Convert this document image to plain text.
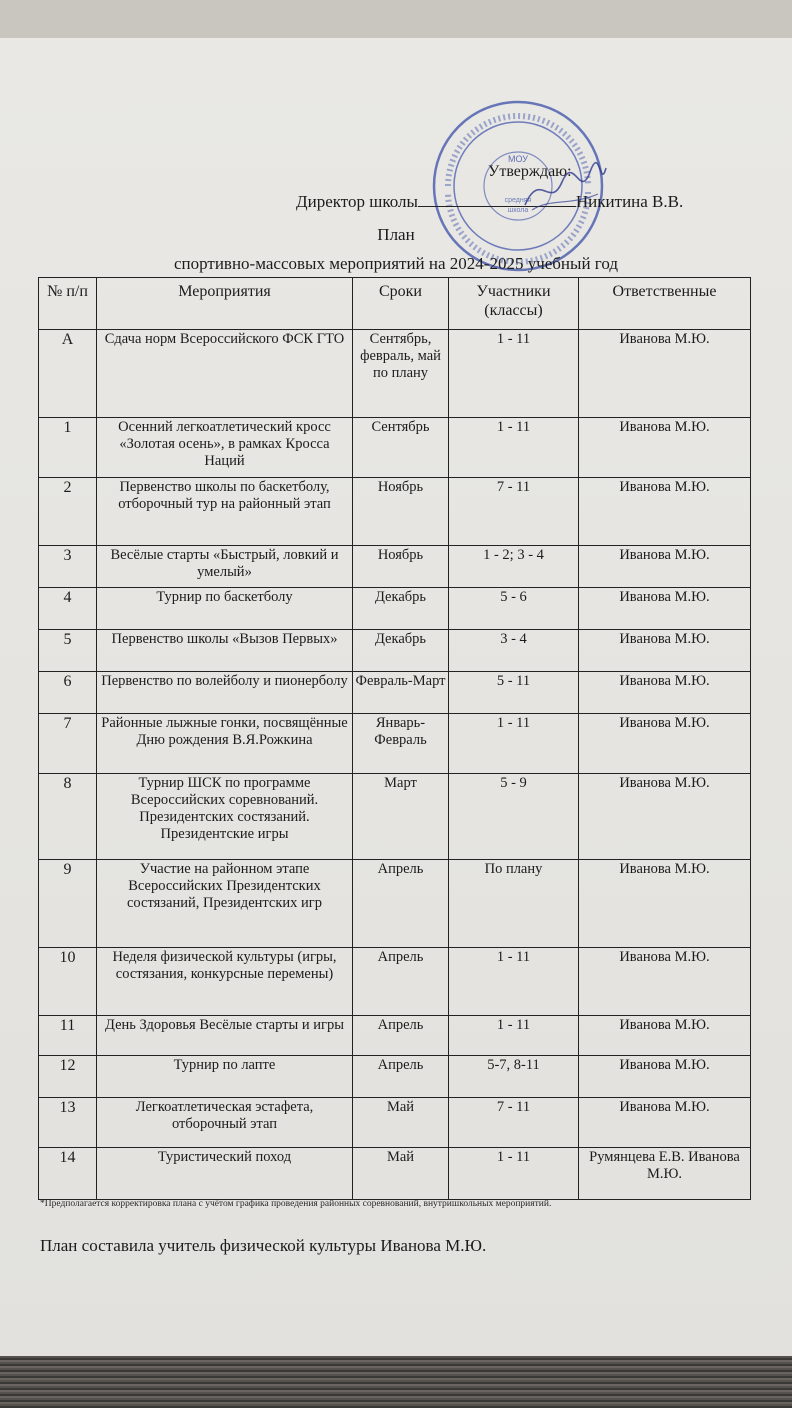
МОУ
средняя
школа
Утверждаю:
Директор школы	Никитина В.В.
План
спортивно-массовых мероприятий на 2024-2025 учебный год
№ п/п	Мероприятия	Сроки	Участники (классы)	Ответственные
А	Сдача норм Всероссийского ФСК ГТО	Сентябрь, февраль, май по плану	1 - 11	Иванова М.Ю.
1	Осенний легкоатлетический кросс «Золотая осень», в рамках Кросса Наций	Сентябрь	1 - 11	Иванова М.Ю.
2	Первенство школы по баскетболу, отборочный тур на районный этап	Ноябрь	7 - 11	Иванова М.Ю.
3	Весёлые старты «Быстрый, ловкий и умелый»	Ноябрь	1 - 2; 3 - 4	Иванова М.Ю.
4	Турнир по баскетболу	Декабрь	5 - 6	Иванова М.Ю.
5	Первенство школы «Вызов Первых»	Декабрь	3 - 4	Иванова М.Ю.
6	Первенство по волейболу и пионерболу	Февраль-Март	5 - 11	Иванова М.Ю.
7	Районные лыжные гонки, посвящённые Дню рождения В.Я.Рожкина	Январь-Февраль	1 - 11	Иванова М.Ю.
8	Турнир ШСК по программе Всероссийских соревнований. Президентских состязаний. Президентские игры	Март	5 - 9	Иванова М.Ю.
9	Участие на районном этапе Всероссийских Президентских состязаний, Президентских игр	Апрель	По плану	Иванова М.Ю.
10	Неделя физической культуры (игры, состязания, конкурсные перемены)	Апрель	1 - 11	Иванова М.Ю.
11	День Здоровья Весёлые старты и игры	Апрель	1 - 11	Иванова М.Ю.
12	Турнир по лапте	Апрель	5-7, 8-11	Иванова М.Ю.
13	Легкоатлетическая эстафета, отборочный этап	Май	7 - 11	Иванова М.Ю.
14	Туристический поход	Май	1 - 11	Румянцева Е.В. Иванова М.Ю.
*Предполагается корректировка плана с учётом графика проведения районных соревнований, внутришкольных мероприятий.
План составила учитель физической культуры Иванова М.Ю.
